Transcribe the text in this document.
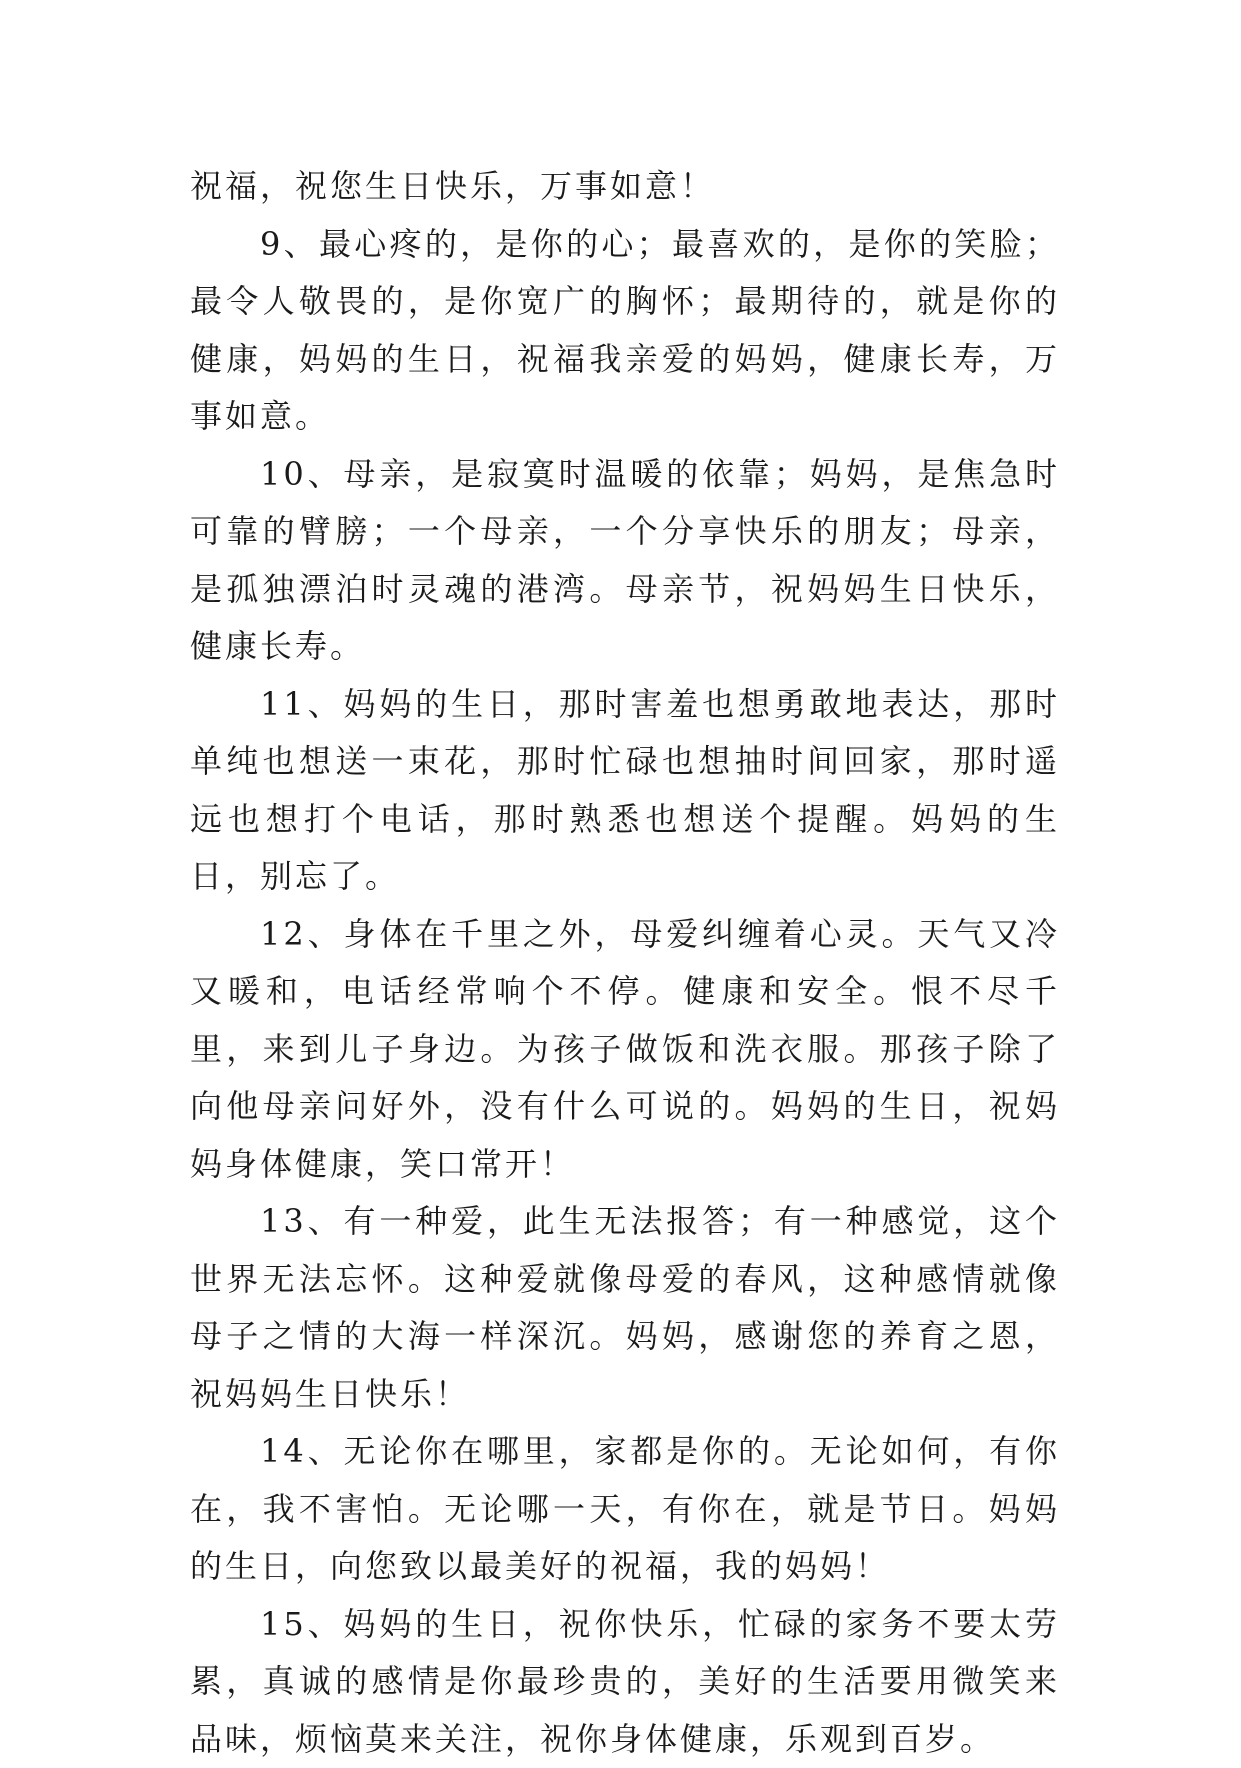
祝福，祝您生日快乐，万事如意！

9、最心疼的，是你的心；最喜欢的，是你的笑脸；最令人敬畏的，是你宽广的胸怀；最期待的，就是你的健康，妈妈的生日，祝福我亲爱的妈妈，健康长寿，万事如意。

10、母亲，是寂寞时温暖的依靠；妈妈，是焦急时可靠的臂膀；一个母亲，一个分享快乐的朋友；母亲，是孤独漂泊时灵魂的港湾。母亲节，祝妈妈生日快乐，健康长寿。

11、妈妈的生日，那时害羞也想勇敢地表达，那时单纯也想送一束花，那时忙碌也想抽时间回家，那时遥远也想打个电话，那时熟悉也想送个提醒。妈妈的生日，别忘了。

12、身体在千里之外，母爱纠缠着心灵。天气又冷又暖和，电话经常响个不停。健康和安全。恨不尽千里，来到儿子身边。为孩子做饭和洗衣服。那孩子除了向他母亲问好外，没有什么可说的。妈妈的生日，祝妈妈身体健康，笑口常开！

13、有一种爱，此生无法报答；有一种感觉，这个世界无法忘怀。这种爱就像母爱的春风，这种感情就像母子之情的大海一样深沉。妈妈，感谢您的养育之恩，祝妈妈生日快乐！

14、无论你在哪里，家都是你的。无论如何，有你在，我不害怕。无论哪一天，有你在，就是节日。妈妈的生日，向您致以最美好的祝福，我的妈妈！

15、妈妈的生日，祝你快乐，忙碌的家务不要太劳累，真诚的感情是你最珍贵的，美好的生活要用微笑来品味，烦恼莫来关注，祝你身体健康，乐观到百岁。
